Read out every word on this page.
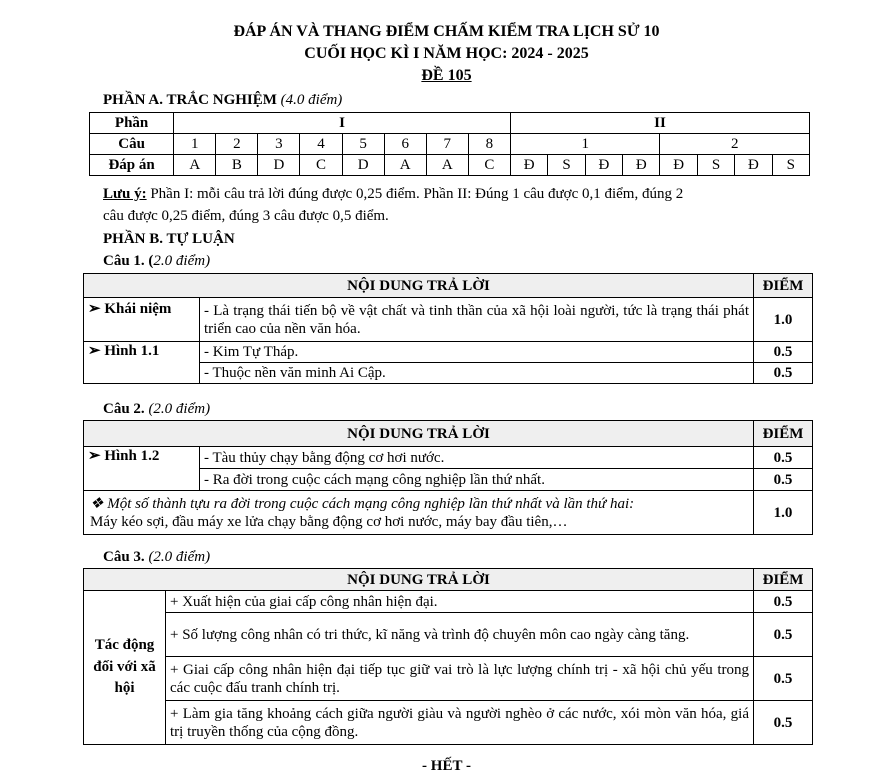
ĐÁP ÁN VÀ THANG ĐIỂM CHẤM KIỂM TRA LỊCH SỬ 10
CUỐI HỌC KÌ I NĂM HỌC: 2024 - 2025
ĐỀ 105
PHẦN A. TRẮC NGHIỆM (4.0 điểm)
Phần	I								II							
Câu	1	2	3	4	5	6	7	8	1				2			
Đáp án	A	B	D	C	D	A	A	C	Đ	S	Đ	Đ	Đ	S	Đ	S
Lưu ý: Phần I: mỗi câu trả lời đúng được 0,25 điểm. Phần II: Đúng 1 câu được 0,1 điểm, đúng 2
câu được 0,25 điểm, đúng 3 câu được 0,5 điểm.
PHẦN B. TỰ LUẬN
Câu 1. (2.0 điểm)
NỘI DUNG TRẢ LỜI		ĐIỂM
➢ Khái niệm	- Là trạng thái tiến bộ về vật chất và tinh thần của xã hội loài người, tức là trạng thái phát triển cao của nền văn hóa.	1.0
➢ Hình 1.1	- Kim Tự Tháp.	0.5
	- Thuộc nền văn minh Ai Cập.	0.5
Câu 2. (2.0 điểm)
NỘI DUNG TRẢ LỜI		ĐIỂM
➢ Hình 1.2	- Tàu thủy chạy bằng động cơ hơi nước.	0.5
	- Ra đời trong cuộc cách mạng công nghiệp lần thứ nhất.	0.5

❖ Một số thành tựu ra đời trong cuộc cách mạng công nghiệp lần thứ nhất và lần thứ hai:
Máy kéo sợi, đầu máy xe lửa chạy bằng động cơ hơi nước, máy bay đầu tiên,…		1.0
Câu 3. (2.0 điểm)
NỘI DUNG TRẢ LỜI		ĐIỂM
Tác động đối với xã hội	+ Xuất hiện của giai cấp công nhân hiện đại.	0.5
	+ Số lượng công nhân có tri thức, kĩ năng và trình độ chuyên môn cao ngày càng tăng.	0.5
	+ Giai cấp công nhân hiện đại tiếp tục giữ vai trò là lực lượng chính trị - xã hội chủ yếu trong các cuộc đấu tranh chính trị.	0.5
	+ Làm gia tăng khoảng cách giữa người giàu và người nghèo ở các nước, xói mòn văn hóa, giá trị truyền thống của cộng đồng.	0.5
- HẾT -
